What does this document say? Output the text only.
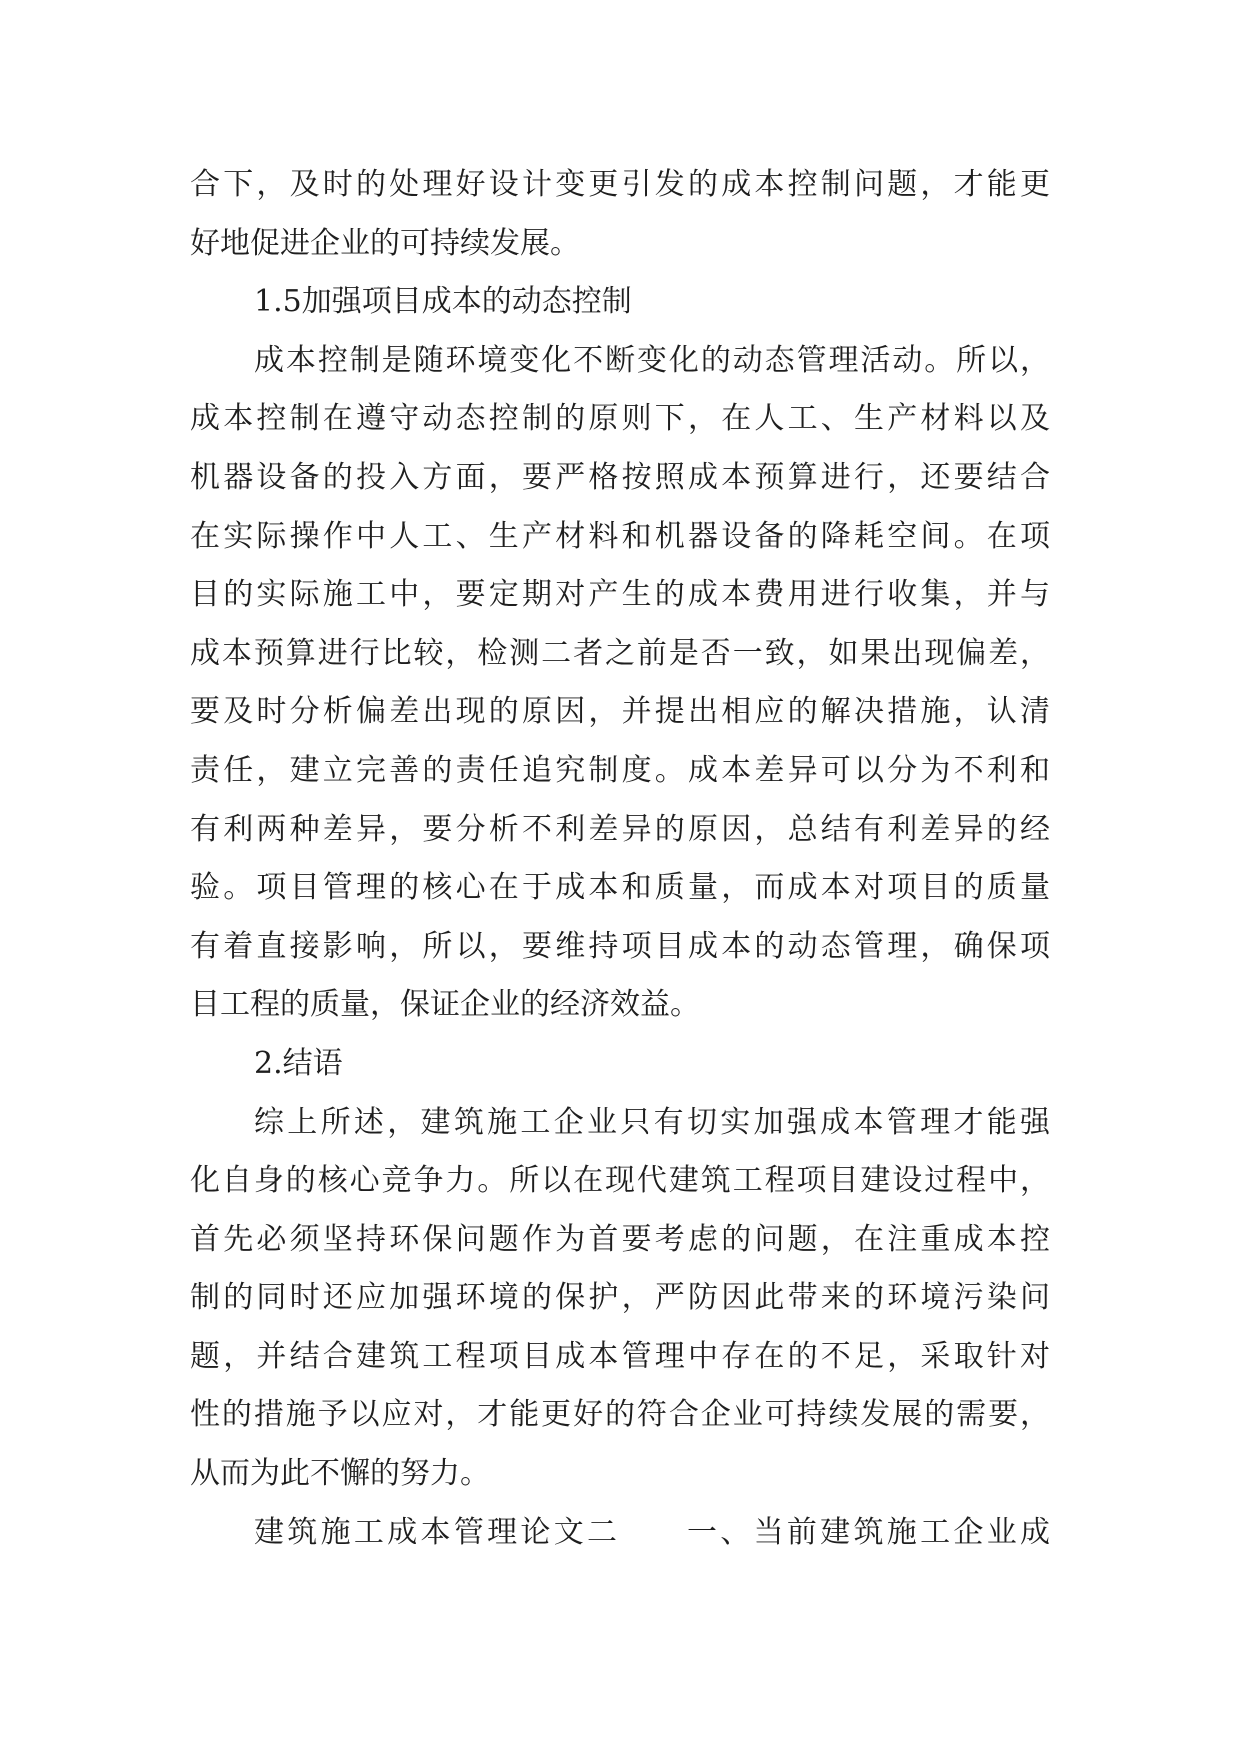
合下，及时的处理好设计变更引发的成本控制问题，才能更
好地促进企业的可持续发展。
1.5加强项目成本的动态控制
成本控制是随环境变化不断变化的动态管理活动。所以，
成本控制在遵守动态控制的原则下，在人工、生产材料以及
机器设备的投入方面，要严格按照成本预算进行，还要结合
在实际操作中人工、生产材料和机器设备的降耗空间。在项
目的实际施工中，要定期对产生的成本费用进行收集，并与
成本预算进行比较，检测二者之前是否一致，如果出现偏差，
要及时分析偏差出现的原因，并提出相应的解决措施，认清
责任，建立完善的责任追究制度。成本差异可以分为不利和
有利两种差异，要分析不利差异的原因，总结有利差异的经
验。项目管理的核心在于成本和质量，而成本对项目的质量
有着直接影响，所以，要维持项目成本的动态管理，确保项
目工程的质量，保证企业的经济效益。
2.结语
综上所述，建筑施工企业只有切实加强成本管理才能强
化自身的核心竞争力。所以在现代建筑工程项目建设过程中，
首先必须坚持环保问题作为首要考虑的问题，在注重成本控
制的同时还应加强环境的保护，严防因此带来的环境污染问
题，并结合建筑工程项目成本管理中存在的不足，采取针对
性的措施予以应对，才能更好的符合企业可持续发展的需要，
从而为此不懈的努力。
建筑施工成本管理论文二　　一、当前建筑施工企业成
